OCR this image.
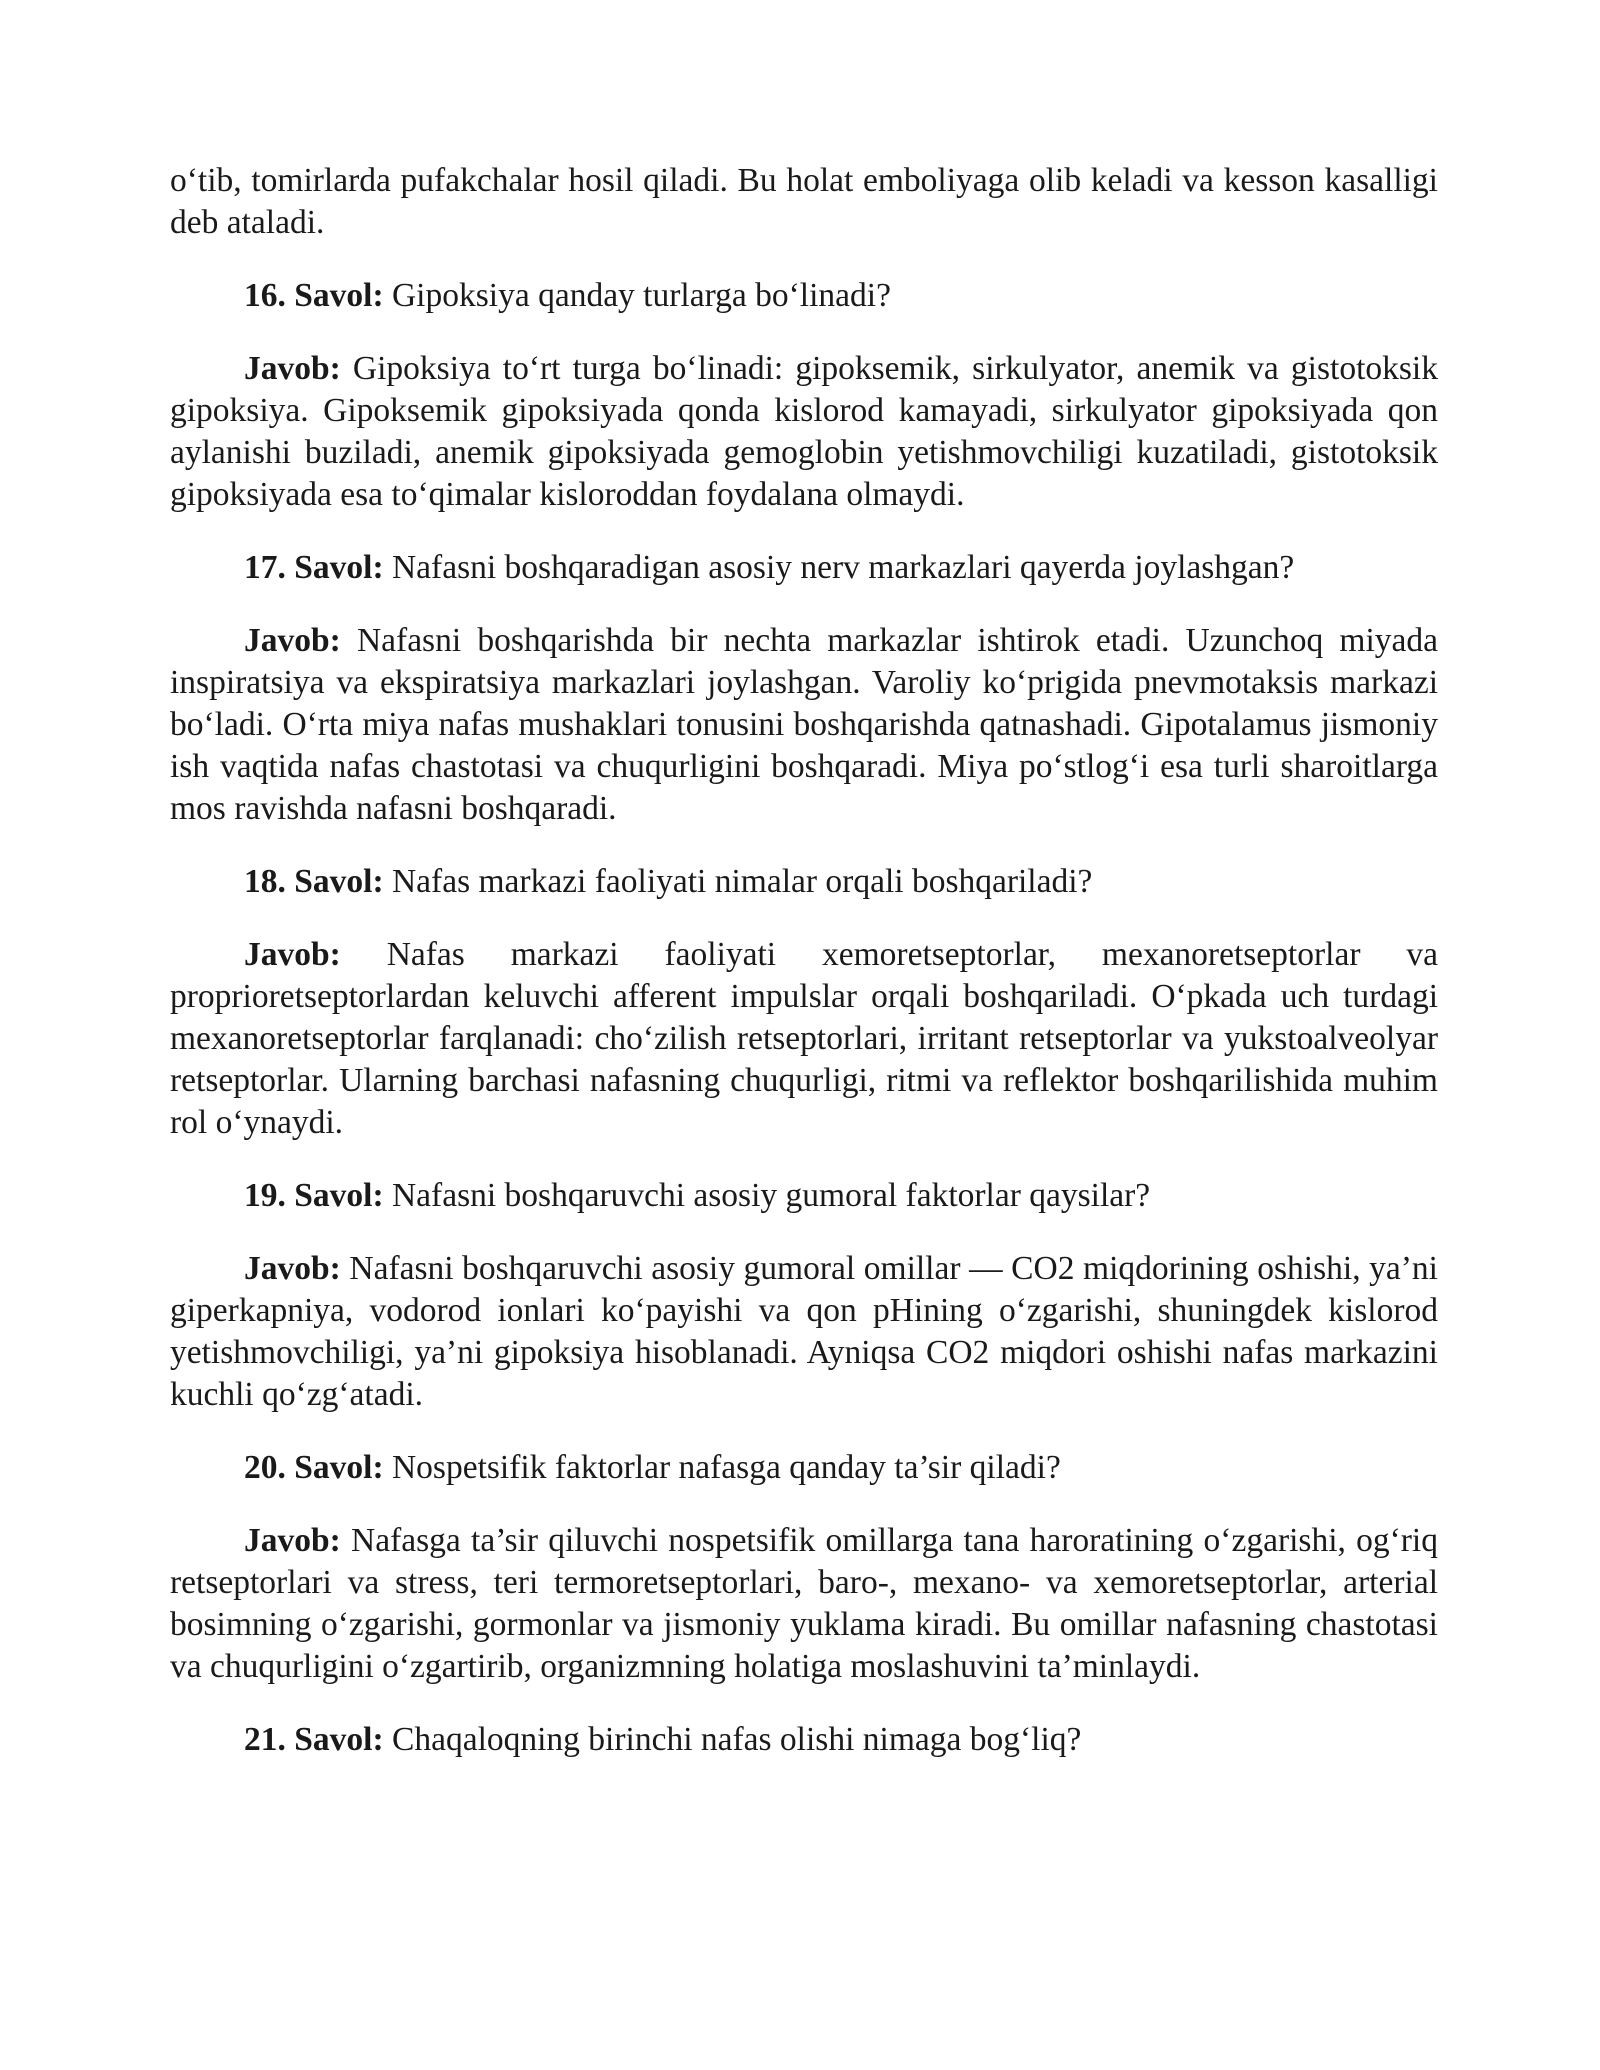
o‘tib, tomirlarda pufakchalar hosil qiladi. Bu holat emboliyaga olib keladi va kesson kasalligi deb ataladi.

16. Savol: Gipoksiya qanday turlarga bo‘linadi?

Javob: Gipoksiya to‘rt turga bo‘linadi: gipoksemik, sirkulyator, anemik va gistotoksik gipoksiya. Gipoksemik gipoksiyada qonda kislorod kamayadi, sirkulyator gipoksiyada qon aylanishi buziladi, anemik gipoksiyada gemoglobin yetishmovchiligi kuzatiladi, gistotoksik gipoksiyada esa to‘qimalar kisloroddan foydalana olmaydi.

17. Savol: Nafasni boshqaradigan asosiy nerv markazlari qayerda joylashgan?

Javob: Nafasni boshqarishda bir nechta markazlar ishtirok etadi. Uzunchoq miyada inspiratsiya va ekspiratsiya markazlari joylashgan. Varoliy ko‘prigida pnevmotaksis markazi bo‘ladi. O‘rta miya nafas mushaklari tonusini boshqarishda qatnashadi. Gipotalamus jismoniy ish vaqtida nafas chastotasi va chuqurligini boshqaradi. Miya po‘stlog‘i esa turli sharoitlarga mos ravishda nafasni boshqaradi.

18. Savol: Nafas markazi faoliyati nimalar orqali boshqariladi?

Javob: Nafas markazi faoliyati xemoretseptorlar, mexanoretseptorlar va proprioretseptorlardan keluvchi afferent impulslar orqali boshqariladi. O‘pkada uch turdagi mexanoretseptorlar farqlanadi: cho‘zilish retseptorlari, irritant retseptorlar va yukstoalveolyar retseptorlar. Ularning barchasi nafasning chuqurligi, ritmi va reflektor boshqarilishida muhim rol o‘ynaydi.

19. Savol: Nafasni boshqaruvchi asosiy gumoral faktorlar qaysilar?

Javob: Nafasni boshqaruvchi asosiy gumoral omillar — CO2 miqdorining oshishi, ya’ni giperkapniya, vodorod ionlari ko‘payishi va qon pHining o‘zgarishi, shuningdek kislorod yetishmovchiligi, ya’ni gipoksiya hisoblanadi. Ayniqsa CO2 miqdori oshishi nafas markazini kuchli qo‘zg‘atadi.

20. Savol: Nospetsifik faktorlar nafasga qanday ta’sir qiladi?

Javob: Nafasga ta’sir qiluvchi nospetsifik omillarga tana haroratining o‘zgarishi, og‘riq retseptorlari va stress, teri termoretseptorlari, baro-, mexano- va xemoretseptorlar, arterial bosimning o‘zgarishi, gormonlar va jismoniy yuklama kiradi. Bu omillar nafasning chastotasi va chuqurligini o‘zgartirib, organizmning holatiga moslashuvini ta’minlaydi.

21. Savol: Chaqaloqning birinchi nafas olishi nimaga bog‘liq?
